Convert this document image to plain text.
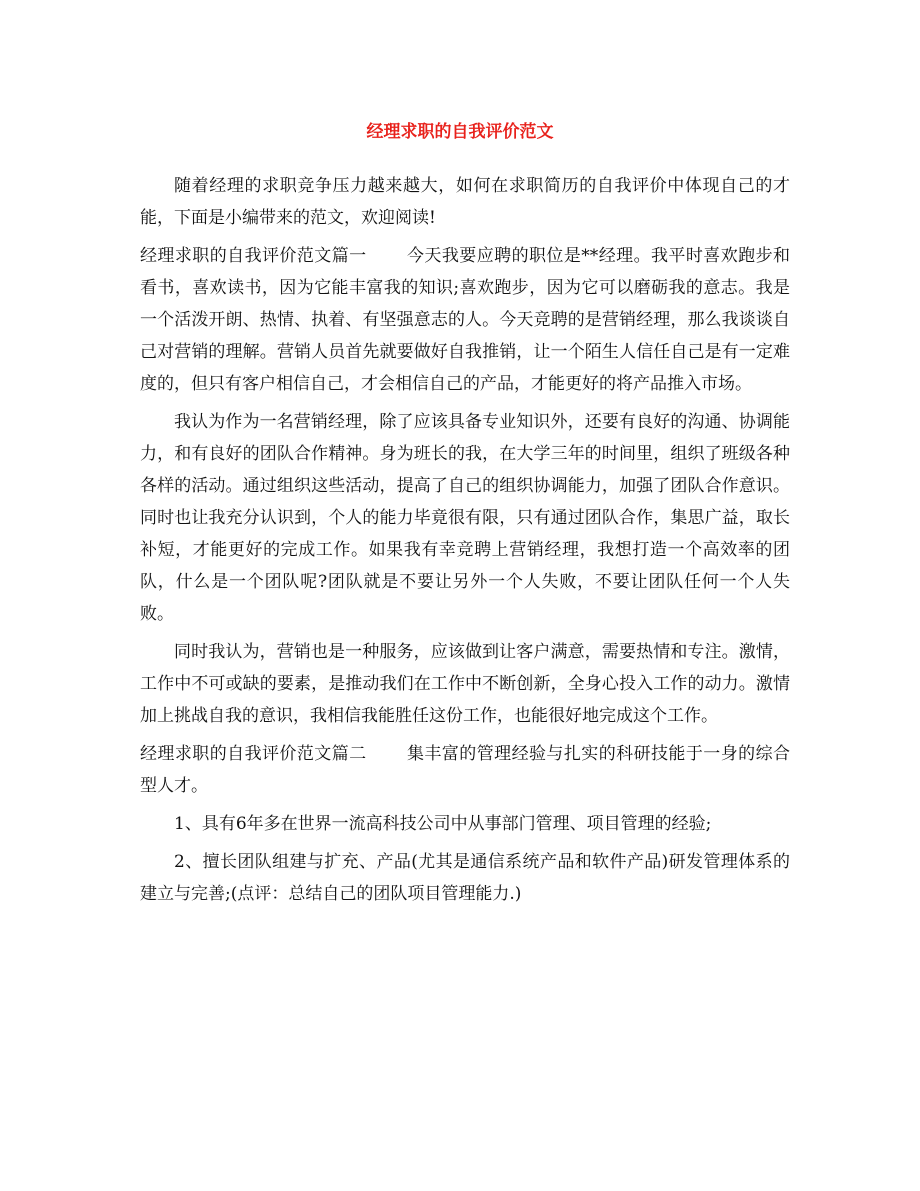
经理求职的自我评价范文

随着经理的求职竞争压力越来越大，如何在求职简历的自我评价中体现自己的才能，下面是小编带来的范文，欢迎阅读!

经理求职的自我评价范文篇一 今天我要应聘的职位是**经理。我平时喜欢跑步和看书，喜欢读书，因为它能丰富我的知识;喜欢跑步，因为它可以磨砺我的意志。我是一个活泼开朗、热情、执着、有坚强意志的人。今天竞聘的是营销经理，那么我谈谈自己对营销的理解。营销人员首先就要做好自我推销，让一个陌生人信任自己是有一定难度的，但只有客户相信自己，才会相信自己的产品，才能更好的将产品推入市场。

我认为作为一名营销经理，除了应该具备专业知识外，还要有良好的沟通、协调能力，和有良好的团队合作精神。身为班长的我，在大学三年的时间里，组织了班级各种各样的活动。通过组织这些活动，提高了自己的组织协调能力，加强了团队合作意识。同时也让我充分认识到，个人的能力毕竟很有限，只有通过团队合作，集思广益，取长补短，才能更好的完成工作。如果我有幸竞聘上营销经理，我想打造一个高效率的团队，什么是一个团队呢?团队就是不要让另外一个人失败，不要让团队任何一个人失败。

同时我认为，营销也是一种服务，应该做到让客户满意，需要热情和专注。激情，工作中不可或缺的要素，是推动我们在工作中不断创新，全身心投入工作的动力。激情加上挑战自我的意识，我相信我能胜任这份工作，也能很好地完成这个工作。

经理求职的自我评价范文篇二 集丰富的管理经验与扎实的科研技能于一身的综合型人才。

1、具有6年多在世界一流高科技公司中从事部门管理、项目管理的经验;

2、擅长团队组建与扩充、产品(尤其是通信系统产品和软件产品)研发管理体系的建立与完善;(点评：总结自己的团队项目管理能力.)
